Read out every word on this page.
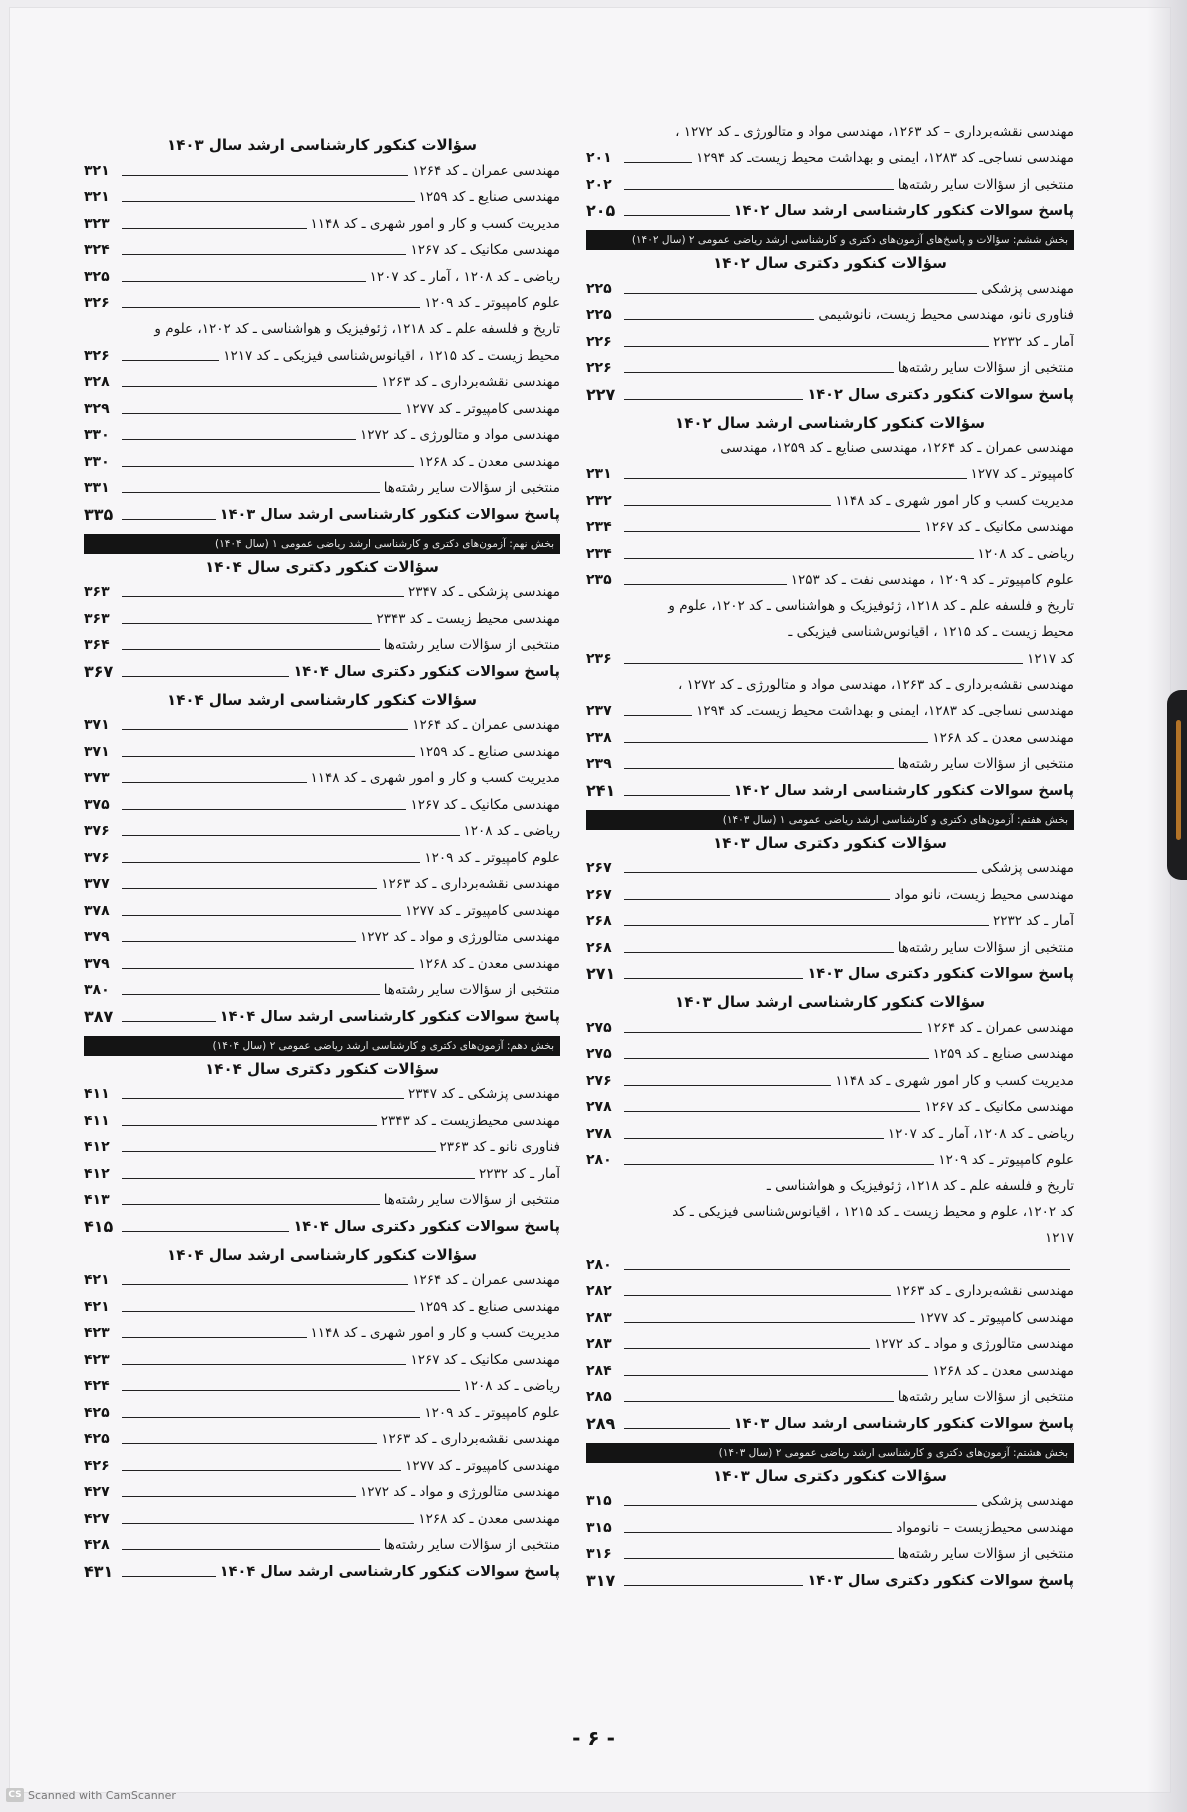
مهندسی نقشه‌برداری – کد ۱۲۶۳، مهندسی مواد و متالورژی ـ کد ۱۲۷۲ ،
مهندسی نساجی‌ـ کد ۱۲۸۳، ایمنی و بهداشت محیط زیست‌ـ کد ۱۲۹۴
۲۰۱
منتخبی از سؤالات سایر رشته‌ها
۲۰۲
پاسخ سوالات کنکور کارشناسی ارشد سال ۱۴۰۲
۲۰۵
بخش ششم: سؤالات و پاسخ‌های آزمون‌های دکتری و کارشناسی ارشد ریاضی عمومی ۲ (سال ۱۴۰۲)
سؤالات کنکور دکتری سال ۱۴۰۲
مهندسی پزشکی
۲۲۵
فناوری نانو، مهندسی محیط زیست، نانوشیمی
۲۲۵
آمار ـ کد ۲۲۳۲
۲۲۶
منتخبی از سؤالات سایر رشته‌ها
۲۲۶
پاسخ سوالات کنکور دکتری سال ۱۴۰۲
۲۲۷
سؤالات کنکور کارشناسی ارشد سال ۱۴۰۲
مهندسی عمران ـ کد ۱۲۶۴، مهندسی صنایع ـ کد ۱۲۵۹، مهندسی
کامپیوتر ـ کد ۱۲۷۷
۲۳۱
مدیریت کسب و کار امور شهری ـ کد ۱۱۴۸
۲۳۲
مهندسی مکانیک ـ کد ۱۲۶۷
۲۳۴
ریاضی ـ کد ۱۲۰۸
۲۳۴
علوم کامپیوتر ـ کد ۱۲۰۹ ، مهندسی نفت ـ کد ۱۲۵۳
۲۳۵
تاریخ و فلسفه علم ـ کد ۱۲۱۸، ژئوفیزیک و هواشناسی ـ کد ۱۲۰۲، علوم و
محیط زیست ـ کد ۱۲۱۵ ، اقیانوس‌شناسی فیزیکی ـ
کد ۱۲۱۷
۲۳۶
مهندسی نقشه‌برداری ـ کد ۱۲۶۳، مهندسی مواد و متالورژی ـ کد ۱۲۷۲ ،
مهندسی نساجی‌ـ کد ۱۲۸۳، ایمنی و بهداشت محیط زیست‌ـ کد ۱۲۹۴
۲۳۷
مهندسی معدن ـ کد ۱۲۶۸
۲۳۸
منتخبی از سؤالات سایر رشته‌ها
۲۳۹
پاسخ سوالات کنکور کارشناسی ارشد سال ۱۴۰۲
۲۴۱
بخش هفتم: آزمون‌های دکتری و کارشناسی ارشد ریاضی عمومی ۱ (سال ۱۴۰۳)
سؤالات کنکور دکتری سال ۱۴۰۳
مهندسی پزشکی
۲۶۷
مهندسی محیط زیست، نانو مواد
۲۶۷
آمار ـ کد ۲۲۳۲
۲۶۸
منتخبی از سؤالات سایر رشته‌ها
۲۶۸
پاسخ سوالات کنکور دکتری سال ۱۴۰۳
۲۷۱
سؤالات کنکور کارشناسی ارشد سال ۱۴۰۳
مهندسی عمران ـ کد ۱۲۶۴
۲۷۵
مهندسی صنایع ـ کد ۱۲۵۹
۲۷۵
مدیریت کسب و کار امور شهری ـ کد ۱۱۴۸
۲۷۶
مهندسی مکانیک ـ کد ۱۲۶۷
۲۷۸
ریاضی ـ کد ۱۲۰۸، آمار ـ کد ۱۲۰۷
۲۷۸
علوم کامپیوتر ـ کد ۱۲۰۹
۲۸۰
تاریخ و فلسفه علم ـ کد ۱۲۱۸، ژئوفیزیک و هواشناسی ـ
کد ۱۲۰۲، علوم و محیط زیست ـ کد ۱۲۱۵ ، اقیانوس‌شناسی فیزیکی ـ کد
۱۲۱۷
۲۸۰
مهندسی نقشه‌برداری ـ کد ۱۲۶۳
۲۸۲
مهندسی کامپیوتر ـ کد ۱۲۷۷
۲۸۳
مهندسی متالورژی و مواد ـ کد ۱۲۷۲
۲۸۳
مهندسی معدن ـ کد ۱۲۶۸
۲۸۴
منتخبی از سؤالات سایر رشته‌ها
۲۸۵
پاسخ سوالات کنکور کارشناسی ارشد سال ۱۴۰۳
۲۸۹
بخش هشتم: آزمون‌های دکتری و کارشناسی ارشد ریاضی عمومی ۲ (سال ۱۴۰۳)
سؤالات کنکور دکتری سال ۱۴۰۳
مهندسی پزشکی
۳۱۵
مهندسی محیط‌زیست – نانومواد
۳۱۵
منتخبی از سؤالات سایر رشته‌ها
۳۱۶
پاسخ سوالات کنکور دکتری سال ۱۴۰۳
۳۱۷
سؤالات کنکور کارشناسی ارشد سال ۱۴۰۳
مهندسی عمران ـ کد ۱۲۶۴
۳۲۱
مهندسی صنایع ـ کد ۱۲۵۹
۳۲۱
مدیریت کسب و کار و امور شهری ـ کد ۱۱۴۸
۳۲۳
مهندسی مکانیک ـ کد ۱۲۶۷
۳۲۴
ریاضی ـ کد ۱۲۰۸ ، آمار ـ کد ۱۲۰۷
۳۲۵
علوم کامپیوتر ـ کد ۱۲۰۹
۳۲۶
تاریخ و فلسفه علم ـ کد ۱۲۱۸، ژئوفیزیک و هواشناسی ـ کد ۱۲۰۲، علوم و
محیط زیست ـ کد ۱۲۱۵ ، اقیانوس‌شناسی فیزیکی ـ کد ۱۲۱۷
۳۲۶
مهندسی نقشه‌برداری ـ کد ۱۲۶۳
۳۲۸
مهندسی کامپیوتر ـ کد ۱۲۷۷
۳۲۹
مهندسی مواد و متالورژی ـ کد ۱۲۷۲
۳۳۰
مهندسی معدن ـ کد ۱۲۶۸
۳۳۰
منتخبی از سؤالات سایر رشته‌ها
۳۳۱
پاسخ سوالات کنکور کارشناسی ارشد سال ۱۴۰۳
۳۳۵
بخش نهم: آزمون‌های دکتری و کارشناسی ارشد ریاضی عمومی ۱ (سال ۱۴۰۴)
سؤالات کنکور دکتری سال ۱۴۰۴
مهندسی پزشکی ـ کد ۲۳۴۷
۳۶۳
مهندسی محیط زیست ـ کد ۲۳۴۳
۳۶۳
منتخبی از سؤالات سایر رشته‌ها
۳۶۴
پاسخ سوالات کنکور دکتری سال ۱۴۰۴
۳۶۷
سؤالات کنکور کارشناسی ارشد سال ۱۴۰۴
مهندسی عمران ـ کد ۱۲۶۴
۳۷۱
مهندسی صنایع ـ کد ۱۲۵۹
۳۷۱
مدیریت کسب و کار و امور شهری ـ کد ۱۱۴۸
۳۷۳
مهندسی مکانیک ـ کد ۱۲۶۷
۳۷۵
ریاضی ـ کد ۱۲۰۸
۳۷۶
علوم کامپیوتر ـ کد ۱۲۰۹
۳۷۶
مهندسی نقشه‌برداری ـ کد ۱۲۶۳
۳۷۷
مهندسی کامپیوتر ـ کد ۱۲۷۷
۳۷۸
مهندسی متالورژی و مواد ـ کد ۱۲۷۲
۳۷۹
مهندسی معدن ـ کد ۱۲۶۸
۳۷۹
منتخبی از سؤالات سایر رشته‌ها
۳۸۰
پاسخ سوالات کنکور کارشناسی ارشد سال ۱۴۰۴
۳۸۷
بخش دهم: آزمون‌های دکتری و کارشناسی ارشد ریاضی عمومی ۲ (سال ۱۴۰۴)
سؤالات کنکور دکتری سال ۱۴۰۴
مهندسی پزشکی ـ کد ۲۳۴۷
۴۱۱
مهندسی محیط‌زیست ـ کد ۲۳۴۳
۴۱۱
فناوری نانو ـ کد ۲۳۶۳
۴۱۲
آمار ـ کد ۲۲۳۲
۴۱۲
منتخبی از سؤالات سایر رشته‌ها
۴۱۳
پاسخ سوالات کنکور دکتری سال ۱۴۰۴
۴۱۵
سؤالات کنکور کارشناسی ارشد سال ۱۴۰۴
مهندسی عمران ـ کد ۱۲۶۴
۴۲۱
مهندسی صنایع ـ کد ۱۲۵۹
۴۲۱
مدیریت کسب و کار و امور شهری ـ کد ۱۱۴۸
۴۲۳
مهندسی مکانیک ـ کد ۱۲۶۷
۴۲۳
ریاضی ـ کد ۱۲۰۸
۴۲۴
علوم کامپیوتر ـ کد ۱۲۰۹
۴۲۵
مهندسی نقشه‌برداری ـ کد ۱۲۶۳
۴۲۵
مهندسی کامپیوتر ـ کد ۱۲۷۷
۴۲۶
مهندسی متالورژی و مواد ـ کد ۱۲۷۲
۴۲۷
مهندسی معدن ـ کد ۱۲۶۸
۴۲۷
منتخبی از سؤالات سایر رشته‌ها
۴۲۸
پاسخ سوالات کنکور کارشناسی ارشد سال ۱۴۰۴
۴۳۱
- ۶ -
CS Scanned with CamScanner
